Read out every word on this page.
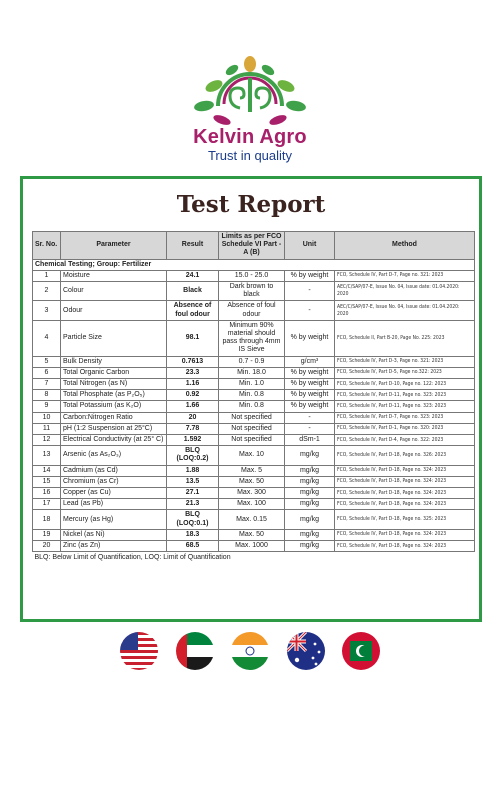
Kelvin Agro
Trust in quality
Test Report
Sr. No.	Parameter	Result	Limits as per FCO Schedule VI Part - A (B)	Unit	Method
Chemical Testing; Group: Fertilizer					
1	Moisture	24.1	15.0 - 25.0	% by weight	FCO, Schedule IV, Part D-7, Page no. 321: 2023
2	Colour	Black	Dark brown to black	-	AEC/C/SAP/07-E, Issue No. 04, Issue date: 01.04.2020: 2020
3	Odour	Absence of foul odour	Absence of foul odour	-	AEC/C/SAP/07-E, Issue No. 04, Issue date: 01.04.2020: 2020
4	Particle Size	98.1	Minimum 90% material should pass through 4mm IS Sieve	% by weight	FCO, Schedule II, Part B-20, Page No. 225: 2023
5	Bulk Density	0.7613	0.7 - 0.9	g/cm³	FCO, Schedule IV, Part D-3, Page no. 321: 2023
6	Total Organic Carbon	23.3	Min. 18.0	% by weight	FCO, Schedule IV, Part D-5, Page no.322: 2023
7	Total Nitrogen (as N)	1.16	Min. 1.0	% by weight	FCO, Schedule IV, Part D-10, Page no. 122: 2023
8	Total Phosphate (as P₂O₅)	0.92	Min. 0.8	% by weight	FCO, Schedule IV, Part D-11, Page no. 323: 2023
9	Total Potassium (as K₂O)	1.66	Min. 0.8	% by weight	FCO, Schedule IV, Part D-11, Page no. 323: 2023
10	Carbon:Nitrogen Ratio	20	Not specified	-	FCO, Schedule IV, Part D-7, Page no. 323: 2023
11	pH (1:2 Suspension at 25°C)	7.78	Not specified	-	FCO, Schedule IV, Part D-1, Page no. 320: 2023
12	Electrical Conductivity (at 25° C)	1.592	Not specified	dSm-1	FCO, Schedule IV, Part D-4, Page no. 322: 2023
13	Arsenic (as As₂O₃)	BLQ (LOQ:0.2)	Max. 10	mg/kg	FCO, Schedule IV, Part D-18, Page no. 326: 2023
14	Cadmium (as Cd)	1.88	Max. 5	mg/kg	FCO, Schedule IV, Part D-18, Page no. 324: 2023
15	Chromium (as Cr)	13.5	Max. 50	mg/kg	FCO, Schedule IV, Part D-18, Page no. 324: 2023
16	Copper (as Cu)	27.1	Max. 300	mg/kg	FCO, Schedule IV, Part D-18, Page no. 324: 2023
17	Lead (as Pb)	21.3	Max. 100	mg/kg	FCO, Schedule IV, Part D-18, Page no. 324: 2023
18	Mercury (as Hg)	BLQ (LOQ:0.1)	Max. 0.15	mg/kg	FCO, Schedule IV, Part D-18, Page no. 325: 2023
19	Nickel (as Ni)	18.3	Max. 50	mg/kg	FCO, Schedule IV, Part D-18, Page no. 324: 2023
20	Zinc (as Zn)	68.5	Max. 1000	mg/kg	FCO, Schedule IV, Part D-18, Page no. 324: 2023
BLQ: Below Limit of Quantification, LOQ: Limit of Quantification					
